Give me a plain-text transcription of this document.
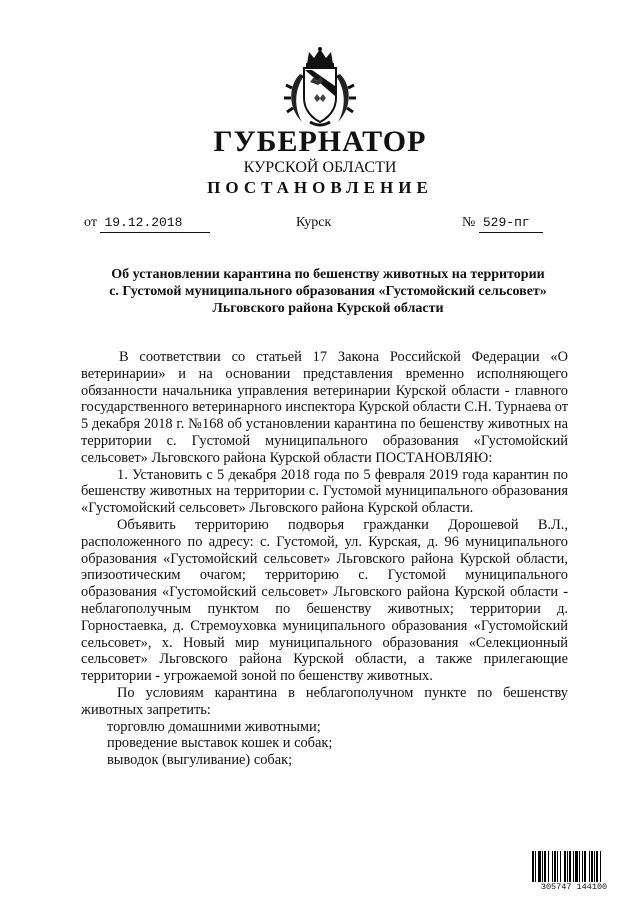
ГУБЕРНАТОР
КУРСКОЙ ОБЛАСТИ
ПОСТАНОВЛЕНИЕ
от 19.12.2018	Курск	№ 529-пг
Об установлении карантина по бешенству животных на территории
с. Густомой муниципального образования «Густомойский сельсовет»
Льговского района Курской области

В соответствии со статьей 17 Закона Российской Федерации «О ветеринарии» и на основании представления временно исполняющего обязанности начальника управления ветеринарии Курской области - главного государственного ветеринарного инспектора Курской области С.Н. Турнаева от 5 декабря 2018 г. №168 об установлении карантина по бешенству животных на территории с. Густомой муниципального образования «Густомойский сельсовет» Льговского района Курской области ПОСТАНОВЛЯЮ:

1. Установить с 5 декабря 2018 года по 5 февраля 2019 года карантин по бешенству животных на территории с. Густомой муниципального образования «Густомойский сельсовет» Льговского района Курской области.

Объявить территорию подворья гражданки Дорошевой В.Л., расположенного по адресу: с. Густомой, ул. Курская, д. 96 муниципального образования «Густомойский сельсовет» Льговского района Курской области, эпизоотическим очагом; территорию с. Густомой муниципального образования «Густомойский сельсовет» Льговского района Курской области - неблагополучным пунктом по бешенству животных; территории д. Горностаевка, д. Стремоуховка муниципального образования «Густомойский сельсовет», х. Новый мир муниципального образования «Селекционный сельсовет» Льговского района Курской области, а также прилегающие территории - угрожаемой зоной по бешенству животных.

По условиям карантина в неблагополучном пункте по бешенству животных запретить:

торговлю домашними животными;

проведение выставок кошек и собак;

выводок (выгуливание) собак;

305747 144100
